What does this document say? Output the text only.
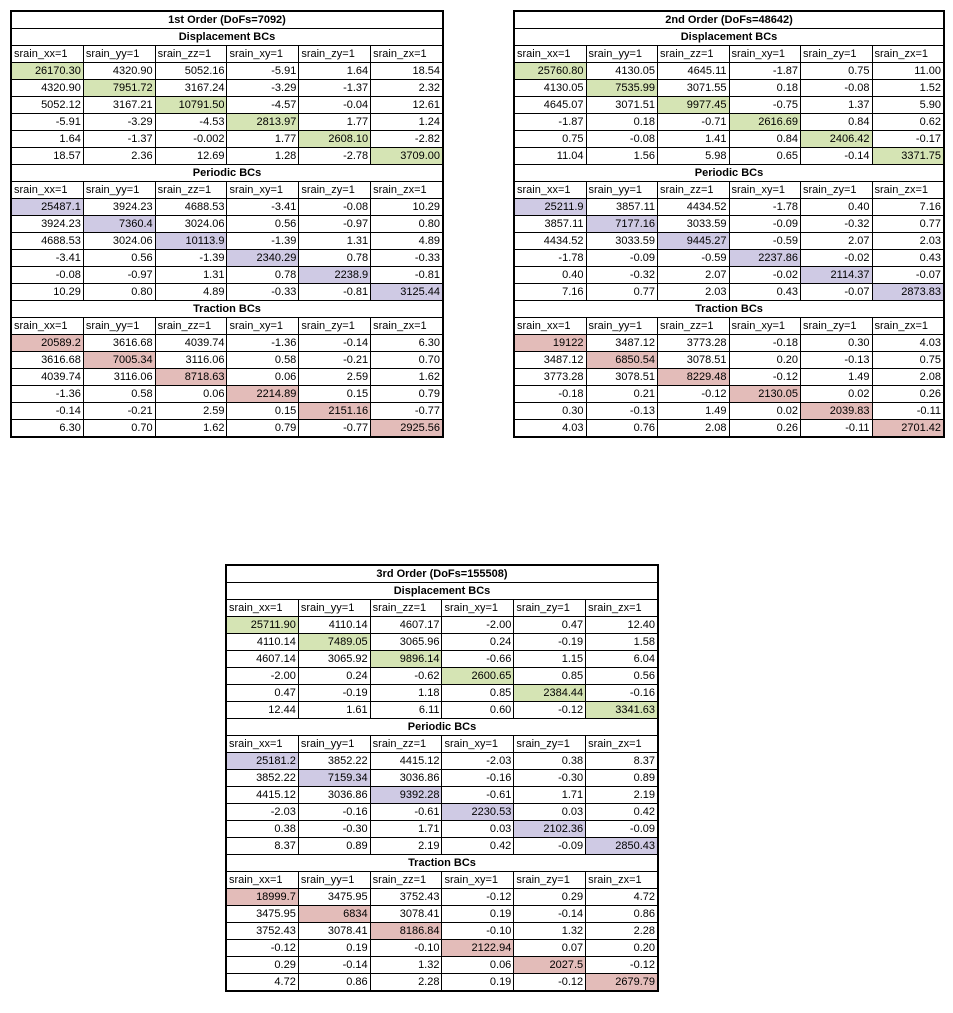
1st Order (DoFs=7092)					
Displacement BCs					
srain_xx=1	srain_yy=1	srain_zz=1	srain_xy=1	srain_zy=1	srain_zx=1
26170.30	4320.90	5052.16	-5.91	1.64	18.54
4320.90	7951.72	3167.24	-3.29	-1.37	2.32
5052.12	3167.21	10791.50	-4.57	-0.04	12.61
-5.91	-3.29	-4.53	2813.97	1.77	1.24
1.64	-1.37	-0.002	1.77	2608.10	-2.82
18.57	2.36	12.69	1.28	-2.78	3709.00
Periodic BCs					
srain_xx=1	srain_yy=1	srain_zz=1	srain_xy=1	srain_zy=1	srain_zx=1
25487.1	3924.23	4688.53	-3.41	-0.08	10.29
3924.23	7360.4	3024.06	0.56	-0.97	0.80
4688.53	3024.06	10113.9	-1.39	1.31	4.89
-3.41	0.56	-1.39	2340.29	0.78	-0.33
-0.08	-0.97	1.31	0.78	2238.9	-0.81
10.29	0.80	4.89	-0.33	-0.81	3125.44
Traction BCs					
srain_xx=1	srain_yy=1	srain_zz=1	srain_xy=1	srain_zy=1	srain_zx=1
20589.2	3616.68	4039.74	-1.36	-0.14	6.30
3616.68	7005.34	3116.06	0.58	-0.21	0.70
4039.74	3116.06	8718.63	0.06	2.59	1.62
-1.36	0.58	0.06	2214.89	0.15	0.79
-0.14	-0.21	2.59	0.15	2151.16	-0.77
6.30	0.70	1.62	0.79	-0.77	2925.56
2nd Order (DoFs=48642)					
Displacement BCs					
srain_xx=1	srain_yy=1	srain_zz=1	srain_xy=1	srain_zy=1	srain_zx=1
25760.80	4130.05	4645.11	-1.87	0.75	11.00
4130.05	7535.99	3071.55	0.18	-0.08	1.52
4645.07	3071.51	9977.45	-0.75	1.37	5.90
-1.87	0.18	-0.71	2616.69	0.84	0.62
0.75	-0.08	1.41	0.84	2406.42	-0.17
11.04	1.56	5.98	0.65	-0.14	3371.75
Periodic BCs					
srain_xx=1	srain_yy=1	srain_zz=1	srain_xy=1	srain_zy=1	srain_zx=1
25211.9	3857.11	4434.52	-1.78	0.40	7.16
3857.11	7177.16	3033.59	-0.09	-0.32	0.77
4434.52	3033.59	9445.27	-0.59	2.07	2.03
-1.78	-0.09	-0.59	2237.86	-0.02	0.43
0.40	-0.32	2.07	-0.02	2114.37	-0.07
7.16	0.77	2.03	0.43	-0.07	2873.83
Traction BCs					
srain_xx=1	srain_yy=1	srain_zz=1	srain_xy=1	srain_zy=1	srain_zx=1
19122	3487.12	3773.28	-0.18	0.30	4.03
3487.12	6850.54	3078.51	0.20	-0.13	0.75
3773.28	3078.51	8229.48	-0.12	1.49	2.08
-0.18	0.21	-0.12	2130.05	0.02	0.26
0.30	-0.13	1.49	0.02	2039.83	-0.11
4.03	0.76	2.08	0.26	-0.11	2701.42
3rd Order (DoFs=155508)					
Displacement BCs					
srain_xx=1	srain_yy=1	srain_zz=1	srain_xy=1	srain_zy=1	srain_zx=1
25711.90	4110.14	4607.17	-2.00	0.47	12.40
4110.14	7489.05	3065.96	0.24	-0.19	1.58
4607.14	3065.92	9896.14	-0.66	1.15	6.04
-2.00	0.24	-0.62	2600.65	0.85	0.56
0.47	-0.19	1.18	0.85	2384.44	-0.16
12.44	1.61	6.11	0.60	-0.12	3341.63
Periodic BCs					
srain_xx=1	srain_yy=1	srain_zz=1	srain_xy=1	srain_zy=1	srain_zx=1
25181.2	3852.22	4415.12	-2.03	0.38	8.37
3852.22	7159.34	3036.86	-0.16	-0.30	0.89
4415.12	3036.86	9392.28	-0.61	1.71	2.19
-2.03	-0.16	-0.61	2230.53	0.03	0.42
0.38	-0.30	1.71	0.03	2102.36	-0.09
8.37	0.89	2.19	0.42	-0.09	2850.43
Traction BCs					
srain_xx=1	srain_yy=1	srain_zz=1	srain_xy=1	srain_zy=1	srain_zx=1
18999.7	3475.95	3752.43	-0.12	0.29	4.72
3475.95	6834	3078.41	0.19	-0.14	0.86
3752.43	3078.41	8186.84	-0.10	1.32	2.28
-0.12	0.19	-0.10	2122.94	0.07	0.20
0.29	-0.14	1.32	0.06	2027.5	-0.12
4.72	0.86	2.28	0.19	-0.12	2679.79
